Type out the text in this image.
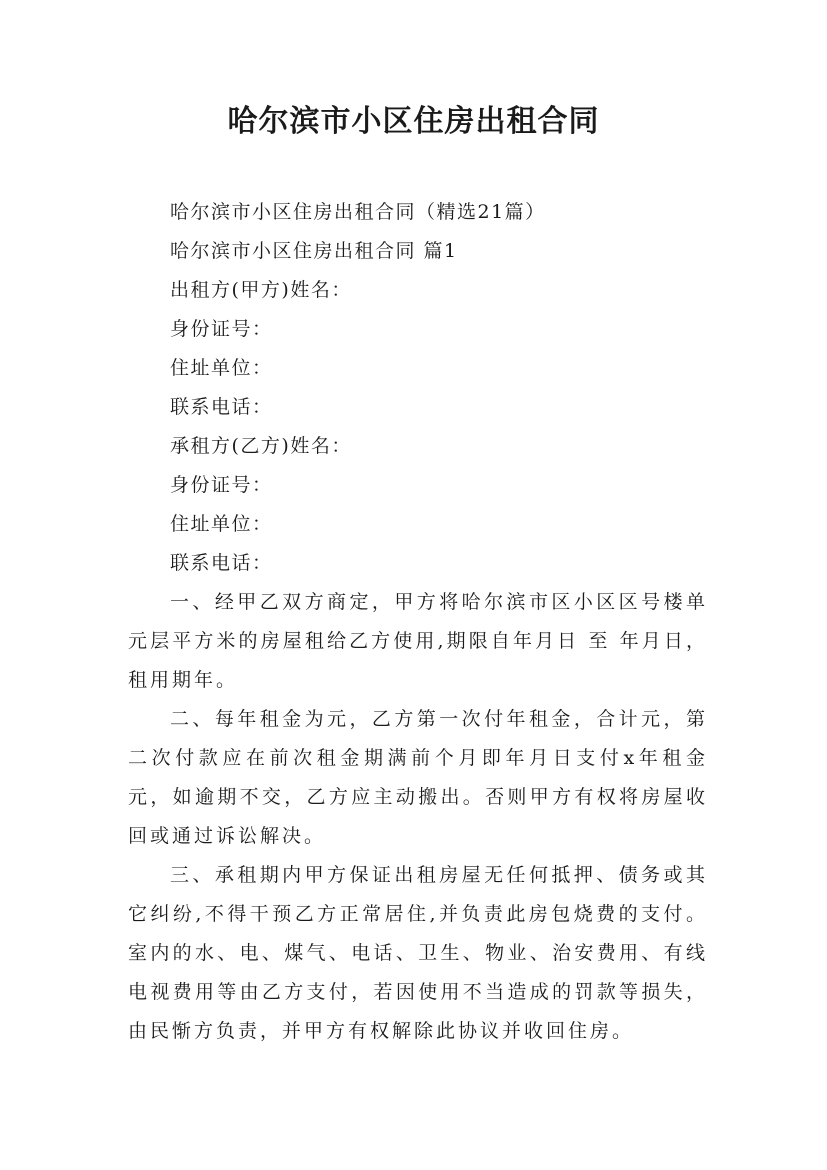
哈尔滨市小区住房出租合同

哈尔滨市小区住房出租合同（精选21篇）

哈尔滨市小区住房出租合同 篇1

出租方(甲方)姓名：

身份证号：

住址单位：

联系电话：

承租方(乙方)姓名：

身份证号：

住址单位：

联系电话：

一、经甲乙双方商定，甲方将哈尔滨市区小区区号楼单元层平方米的房屋租给乙方使用,期限自年月日 至 年月日，租用期年。

二、每年租金为元，乙方第一次付年租金，合计元，第二次付款应在前次租金期满前个月即年月日支付x年租金元，如逾期不交，乙方应主动搬出。否则甲方有权将房屋收回或通过诉讼解决。

三、承租期内甲方保证出租房屋无任何抵押、债务或其它纠纷,不得干预乙方正常居住,并负责此房包烧费的支付。室内的水、电、煤气、电话、卫生、物业、治安费用、有线电视费用等由乙方支付，若因使用不当造成的罚款等损失，由民惭方负责，并甲方有权解除此协议并收回住房。
